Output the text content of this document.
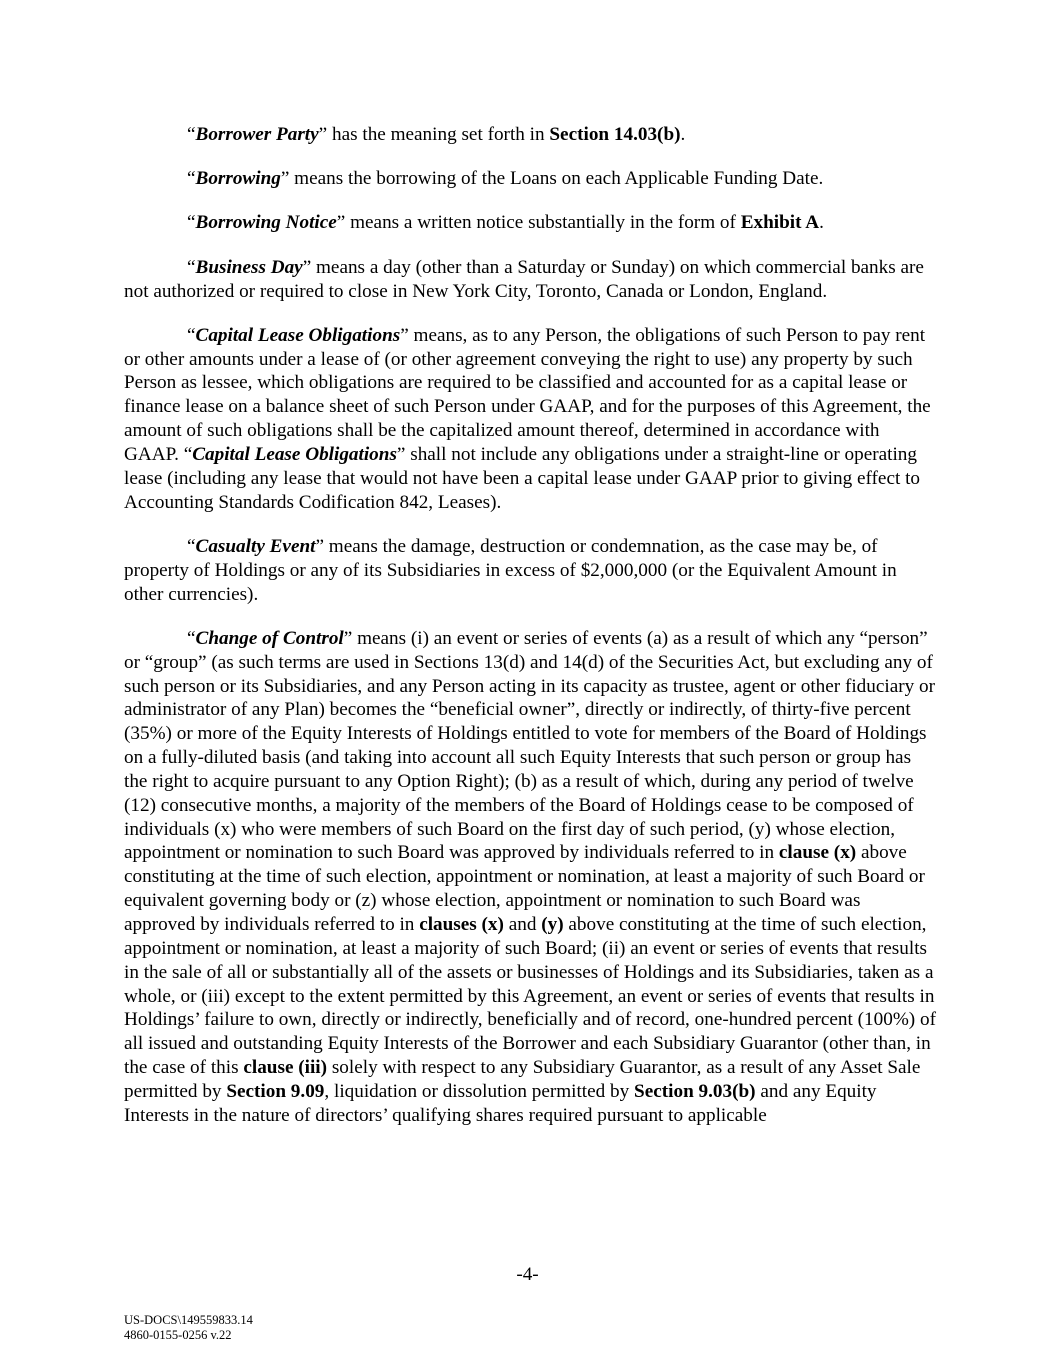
“Borrower Party” has the meaning set forth in Section 14.03(b).

“Borrowing” means the borrowing of the Loans on each Applicable Funding Date.

“Borrowing Notice” means a written notice substantially in the form of Exhibit A.

“Business Day” means a day (other than a Saturday or Sunday) on which commercial banks are not authorized or required to close in New York City, Toronto, Canada or London, England.

“Capital Lease Obligations” means, as to any Person, the obligations of such Person to pay rent or other amounts under a lease of (or other agreement conveying the right to use) any property by such Person as lessee, which obligations are required to be classified and accounted for as a capital lease or finance lease on a balance sheet of such Person under GAAP, and for the purposes of this Agreement, the amount of such obligations shall be the capitalized amount thereof, determined in accordance with GAAP. “Capital Lease Obligations” shall not include any obligations under a straight-line or operating lease (including any lease that would not have been a capital lease under GAAP prior to giving effect to Accounting Standards Codification 842, Leases).

“Casualty Event” means the damage, destruction or condemnation, as the case may be, of property of Holdings or any of its Subsidiaries in excess of $2,000,000 (or the Equivalent Amount in other currencies).

“Change of Control” means (i) an event or series of events (a) as a result of which any “person” or “group” (as such terms are used in Sections 13(d) and 14(d) of the Securities Act, but excluding any of such person or its Subsidiaries, and any Person acting in its capacity as trustee, agent or other fiduciary or administrator of any Plan) becomes the “beneficial owner”, directly or indirectly, of thirty-five percent (35%) or more of the Equity Interests of Holdings entitled to vote for members of the Board of Holdings on a fully-diluted basis (and taking into account all such Equity Interests that such person or group has the right to acquire pursuant to any Option Right); (b) as a result of which, during any period of twelve (12) consecutive months, a majority of the members of the Board of Holdings cease to be composed of individuals (x) who were members of such Board on the first day of such period, (y) whose election, appointment or nomination to such Board was approved by individuals referred to in clause (x) above constituting at the time of such election, appointment or nomination, at least a majority of such Board or equivalent governing body or (z) whose election, appointment or nomination to such Board was approved by individuals referred to in clauses (x) and (y) above constituting at the time of such election, appointment or nomination, at least a majority of such Board; (ii) an event or series of events that results in the sale of all or substantially all of the assets or businesses of Holdings and its Subsidiaries, taken as a whole, or (iii) except to the extent permitted by this Agreement, an event or series of events that results in Holdings’ failure to own, directly or indirectly, beneficially and of record, one-hundred percent (100%) of all issued and outstanding Equity Interests of the Borrower and each Subsidiary Guarantor (other than, in the case of this clause (iii) solely with respect to any Subsidiary Guarantor, as a result of any Asset Sale permitted by Section 9.09, liquidation or dissolution permitted by Section 9.03(b) and any Equity Interests in the nature of directors’ qualifying shares required pursuant to applicable

-4-
US-DOCS\149559833.14
4860-0155-0256 v.22
